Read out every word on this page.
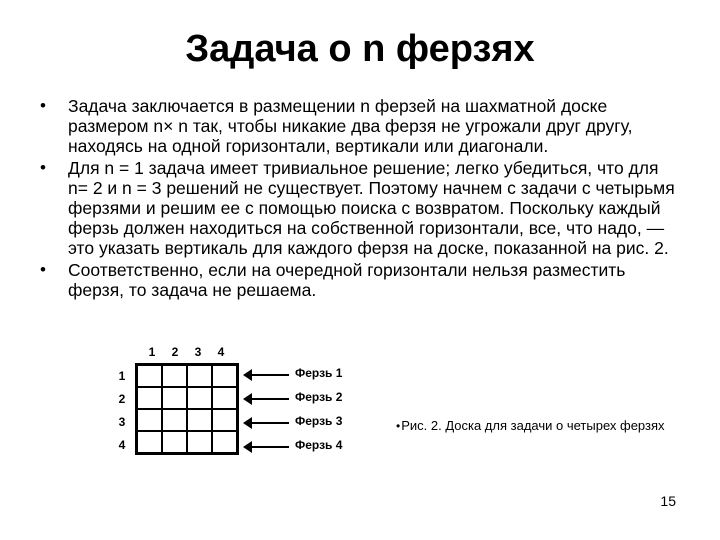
Задача о n ферзях
• Задача заключается в размещении n ферзей на шахматной доске размером n× n так, чтобы никакие два ферзя не угрожали друг другу, находясь на одной горизонтали, вертикали или диагонали.
• Для n = 1 задача имеет тривиальное решение; легко убедиться, что для n= 2 и n = 3 решений не существует. Поэтому начнем с задачи с четырьмя ферзями и решим ее с помощью поиска с возвратом. Поскольку каждый ферзь должен находиться на собственной горизонтали, все, что надо, — это указать вертикаль для каждого ферзя на доске, показанной на рис. 2.
• Соответственно, если на очередной горизонтали нельзя разместить ферзя, то задача не решаема.
1	2	3	4
1
2
3
4
Ферзь 1
Ферзь 2
Ферзь 3
Ферзь 4
•Рис. 2. Доска для задачи о четырех ферзях
15
